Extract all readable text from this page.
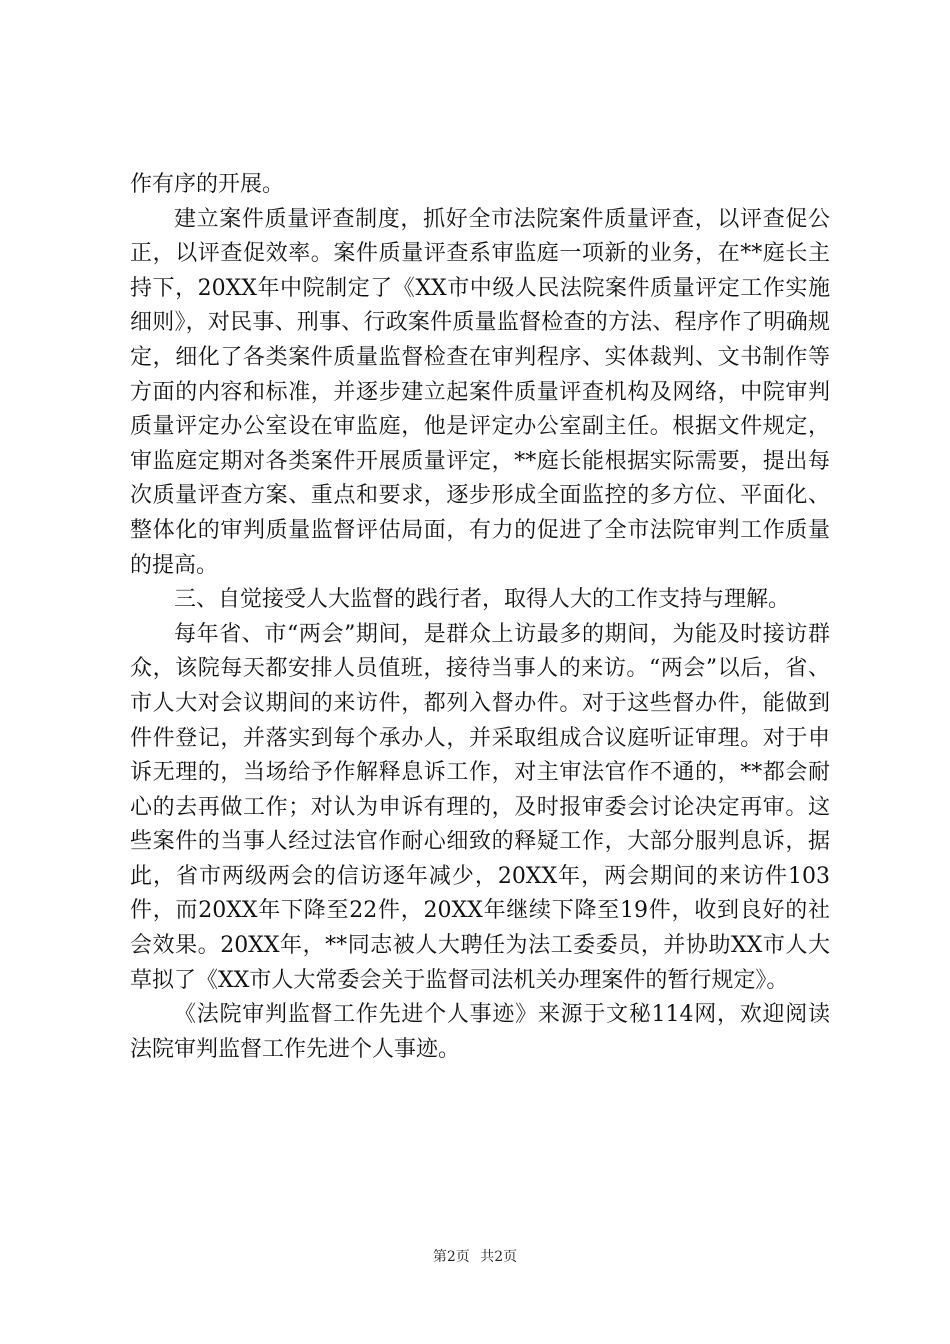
作有序的开展。

建立案件质量评查制度，抓好全市法院案件质量评查，以评查促公正，以评查促效率。案件质量评查系审监庭一项新的业务，在**庭长主持下，20XX年中院制定了《XX市中级人民法院案件质量评定工作实施细则》，对民事、刑事、行政案件质量监督检查的方法、程序作了明确规定，细化了各类案件质量监督检查在审判程序、实体裁判、文书制作等方面的内容和标准，并逐步建立起案件质量评查机构及网络，中院审判质量评定办公室设在审监庭，他是评定办公室副主任。根据文件规定，审监庭定期对各类案件开展质量评定，**庭长能根据实际需要，提出每次质量评查方案、重点和要求，逐步形成全面监控的多方位、平面化、整体化的审判质量监督评估局面，有力的促进了全市法院审判工作质量的提高。

三、自觉接受人大监督的践行者，取得人大的工作支持与理解。

每年省、市“两会”期间，是群众上访最多的期间，为能及时接访群众，该院每天都安排人员值班，接待当事人的来访。“两会”以后，省、市人大对会议期间的来访件，都列入督办件。对于这些督办件，能做到件件登记，并落实到每个承办人，并采取组成合议庭听证审理。对于申诉无理的，当场给予作解释息诉工作，对主审法官作不通的，**都会耐心的去再做工作；对认为申诉有理的，及时报审委会讨论决定再审。这些案件的当事人经过法官作耐心细致的释疑工作，大部分服判息诉，据此，省市两级两会的信访逐年减少，20XX年，两会期间的来访件103件，而20XX年下降至22件，20XX年继续下降至19件，收到良好的社会效果。20XX年，**同志被人大聘任为法工委委员，并协助XX市人大草拟了《XX市人大常委会关于监督司法机关办理案件的暂行规定》。

《法院审判监督工作先进个人事迹》来源于文秘114网，欢迎阅读法院审判监督工作先进个人事迹。

第2页 共2页
